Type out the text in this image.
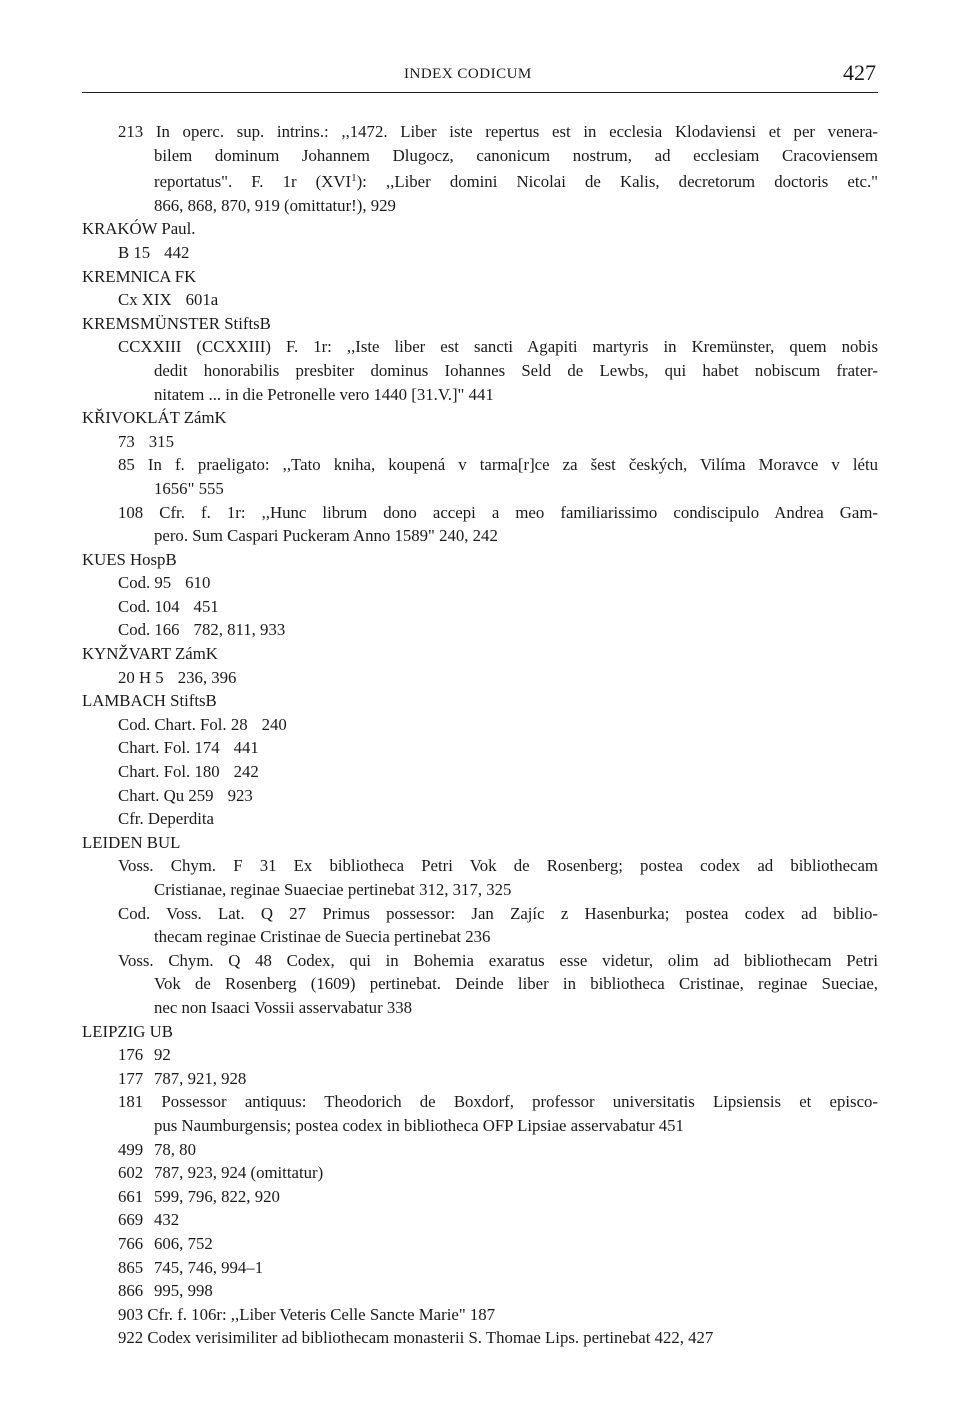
INDEX CODICUM	427
213 In operc. sup. intrins.: ,,1472. Liber iste repertus est in ecclesia Klodaviensi et per venera-
bilem dominum Johannem Dlugocz, canonicum nostrum, ad ecclesiam Cracoviensem
reportatus". F. 1r (XVI$^1$): ,,Liber domini Nicolai de Kalis, decretorum doctoris etc."
866, 868, 870, 919 (omittatur!), 929
KRAKÓW Paul.
B 15 442
KREMNICA FK
Cx XIX 601a
KREMSMÜNSTER StiftsB
CCXXIII (CCXXIII) F. 1r: ,,Iste liber est sancti Agapiti martyris in Kremünster, quem nobis
dedit honorabilis presbiter dominus Iohannes Seld de Lewbs, qui habet nobiscum frater-
nitatem ... in die Petronelle vero 1440 [31.V.]" 441
KŘIVOKLÁT ZámK
73 315
85 In f. praeligato: ,,Tato kniha, koupená v tarma[r]ce za šest českých, Vilíma Moravce v létu
1656" 555
108 Cfr. f. 1r: ,,Hunc librum dono accepi a meo familiarissimo condiscipulo Andrea Gam-
pero. Sum Caspari Puckeram Anno 1589" 240, 242
KUES HospB
Cod. 95 610
Cod. 104 451
Cod. 166 782, 811, 933
KYNŽVART ZámK
20 H 5 236, 396
LAMBACH StiftsB
Cod. Chart. Fol. 28 240
Chart. Fol. 174 441
Chart. Fol. 180 242
Chart. Qu 259 923
Cfr. Deperdita
LEIDEN BUL
Voss. Chym. F 31 Ex bibliotheca Petri Vok de Rosenberg; postea codex ad bibliothecam
Cristianae, reginae Suaeciae pertinebat 312, 317, 325
Cod. Voss. Lat. Q 27 Primus possessor: Jan Zajíc z Hasenburka; postea codex ad biblio-
thecam reginae Cristinae de Suecia pertinebat 236
Voss. Chym. Q 48 Codex, qui in Bohemia exaratus esse videtur, olim ad bibliothecam Petri
Vok de Rosenberg (1609) pertinebat. Deinde liber in bibliotheca Cristinae, reginae Sueciae,
nec non Isaaci Vossii asservabatur 338
LEIPZIG UB
176 92
177 787, 921, 928
181 Possessor antiquus: Theodorich de Boxdorf, professor universitatis Lipsiensis et episco-
pus Naumburgensis; postea codex in bibliotheca OFP Lipsiae asservabatur 451
499 78, 80
602 787, 923, 924 (omittatur)
661 599, 796, 822, 920
669 432
766 606, 752
865 745, 746, 994–1
866 995, 998
903 Cfr. f. 106r: ,,Liber Veteris Celle Sancte Marie" 187
922 Codex verisimiliter ad bibliothecam monasterii S. Thomae Lips. pertinebat 422, 427
